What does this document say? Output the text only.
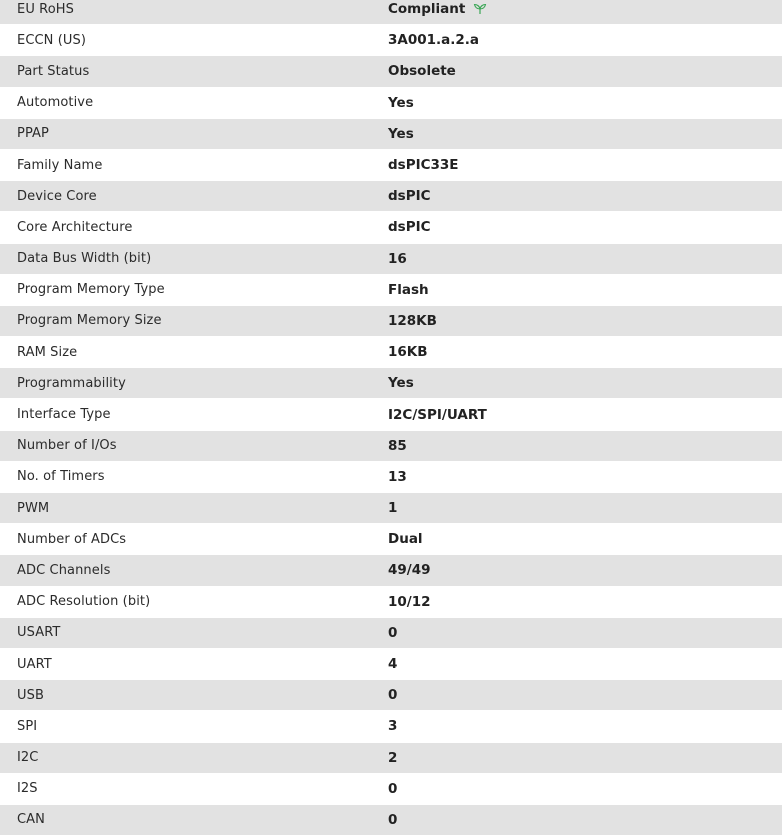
EU RoHS	Compliant
ECCN (US)	3A001.a.2.a
Part Status	Obsolete
Automotive	Yes
PPAP	Yes
Family Name	dsPIC33E
Device Core	dsPIC
Core Architecture	dsPIC
Data Bus Width (bit)	16
Program Memory Type	Flash
Program Memory Size	128KB
RAM Size	16KB
Programmability	Yes
Interface Type	I2C/SPI/UART
Number of I/Os	85
No. of Timers	13
PWM	1
Number of ADCs	Dual
ADC Channels	49/49
ADC Resolution (bit)	10/12
USART	0
UART	4
USB	0
SPI	3
I2C	2
I2S	0
CAN	0
